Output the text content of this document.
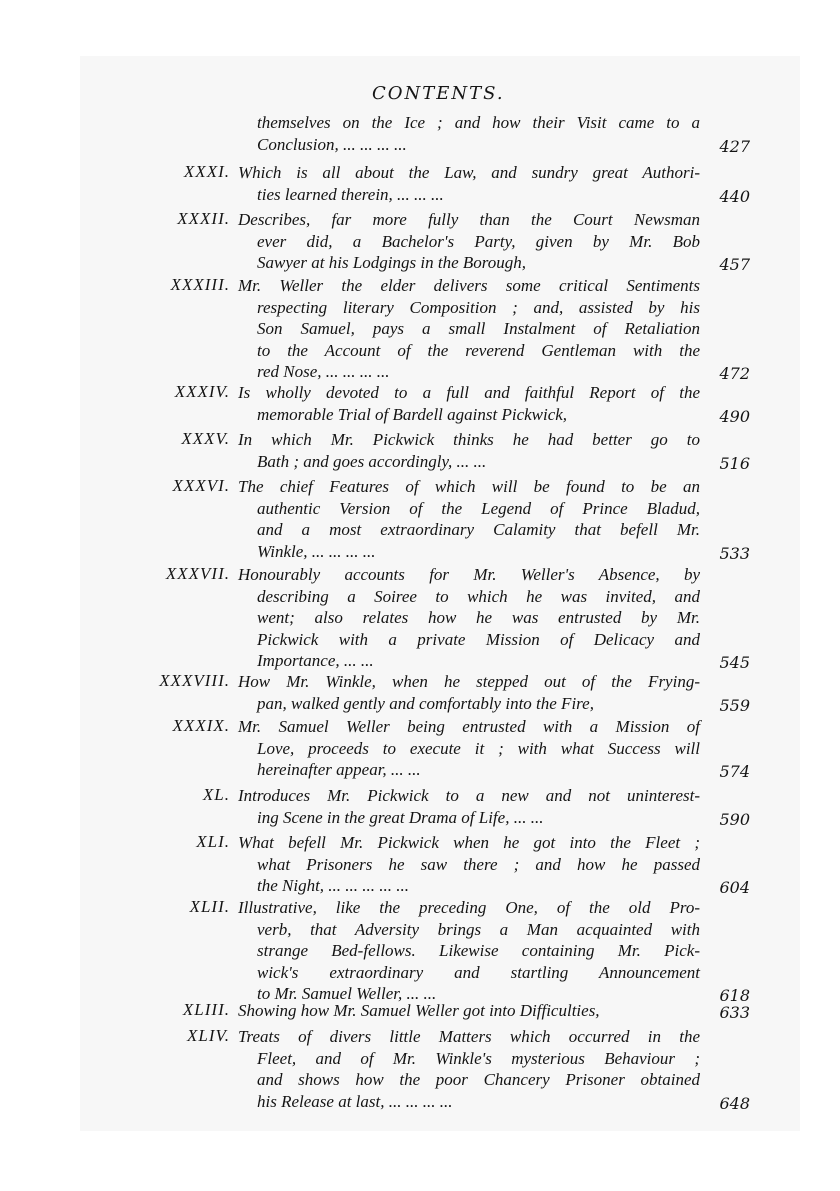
CONTENTS.
themselves on the Ice ; and how their Visit came to a
Conclusion, ... ... ... ...	427
XXXI. Which is all about the Law, and sundry great Authori-
ties learned therein, ... ... ...	440
XXXII. Describes, far more fully than the Court Newsman
ever did, a Bachelor's Party, given by Mr. Bob
Sawyer at his Lodgings in the Borough,	457
XXXIII. Mr. Weller the elder delivers some critical Sentiments
respecting literary Composition ; and, assisted by his
Son Samuel, pays a small Instalment of Retaliation
to the Account of the reverend Gentleman with the
red Nose, ... ... ... ...	472
XXXIV. Is wholly devoted to a full and faithful Report of the
memorable Trial of Bardell against Pickwick,	490
XXXV. In which Mr. Pickwick thinks he had better go to
Bath ; and goes accordingly, ... ...	516
XXXVI. The chief Features of which will be found to be an
authentic Version of the Legend of Prince Bladud,
and a most extraordinary Calamity that befell Mr.
Winkle, ... ... ... ...	533
XXXVII. Honourably accounts for Mr. Weller's Absence, by
describing a Soiree to which he was invited, and
went; also relates how he was entrusted by Mr.
Pickwick with a private Mission of Delicacy and
Importance, ... ...	545
XXXVIII. How Mr. Winkle, when he stepped out of the Frying-
pan, walked gently and comfortably into the Fire,	559
XXXIX. Mr. Samuel Weller being entrusted with a Mission of
Love, proceeds to execute it ; with what Success will
hereinafter appear, ... ...	574
XL. Introduces Mr. Pickwick to a new and not uninterest-
ing Scene in the great Drama of Life, ... ...	590
XLI. What befell Mr. Pickwick when he got into the Fleet ;
what Prisoners he saw there ; and how he passed
the Night, ... ... ... ... ...	604
XLII. Illustrative, like the preceding One, of the old Pro-
verb, that Adversity brings a Man acquainted with
strange Bed-fellows. Likewise containing Mr. Pick-
wick's extraordinary and startling Announcement
to Mr. Samuel Weller, ... ...	618
XLIII. Showing how Mr. Samuel Weller got into Difficulties,	633
XLIV. Treats of divers little Matters which occurred in the
Fleet, and of Mr. Winkle's mysterious Behaviour ;
and shows how the poor Chancery Prisoner obtained
his Release at last, ... ... ... ...	648
